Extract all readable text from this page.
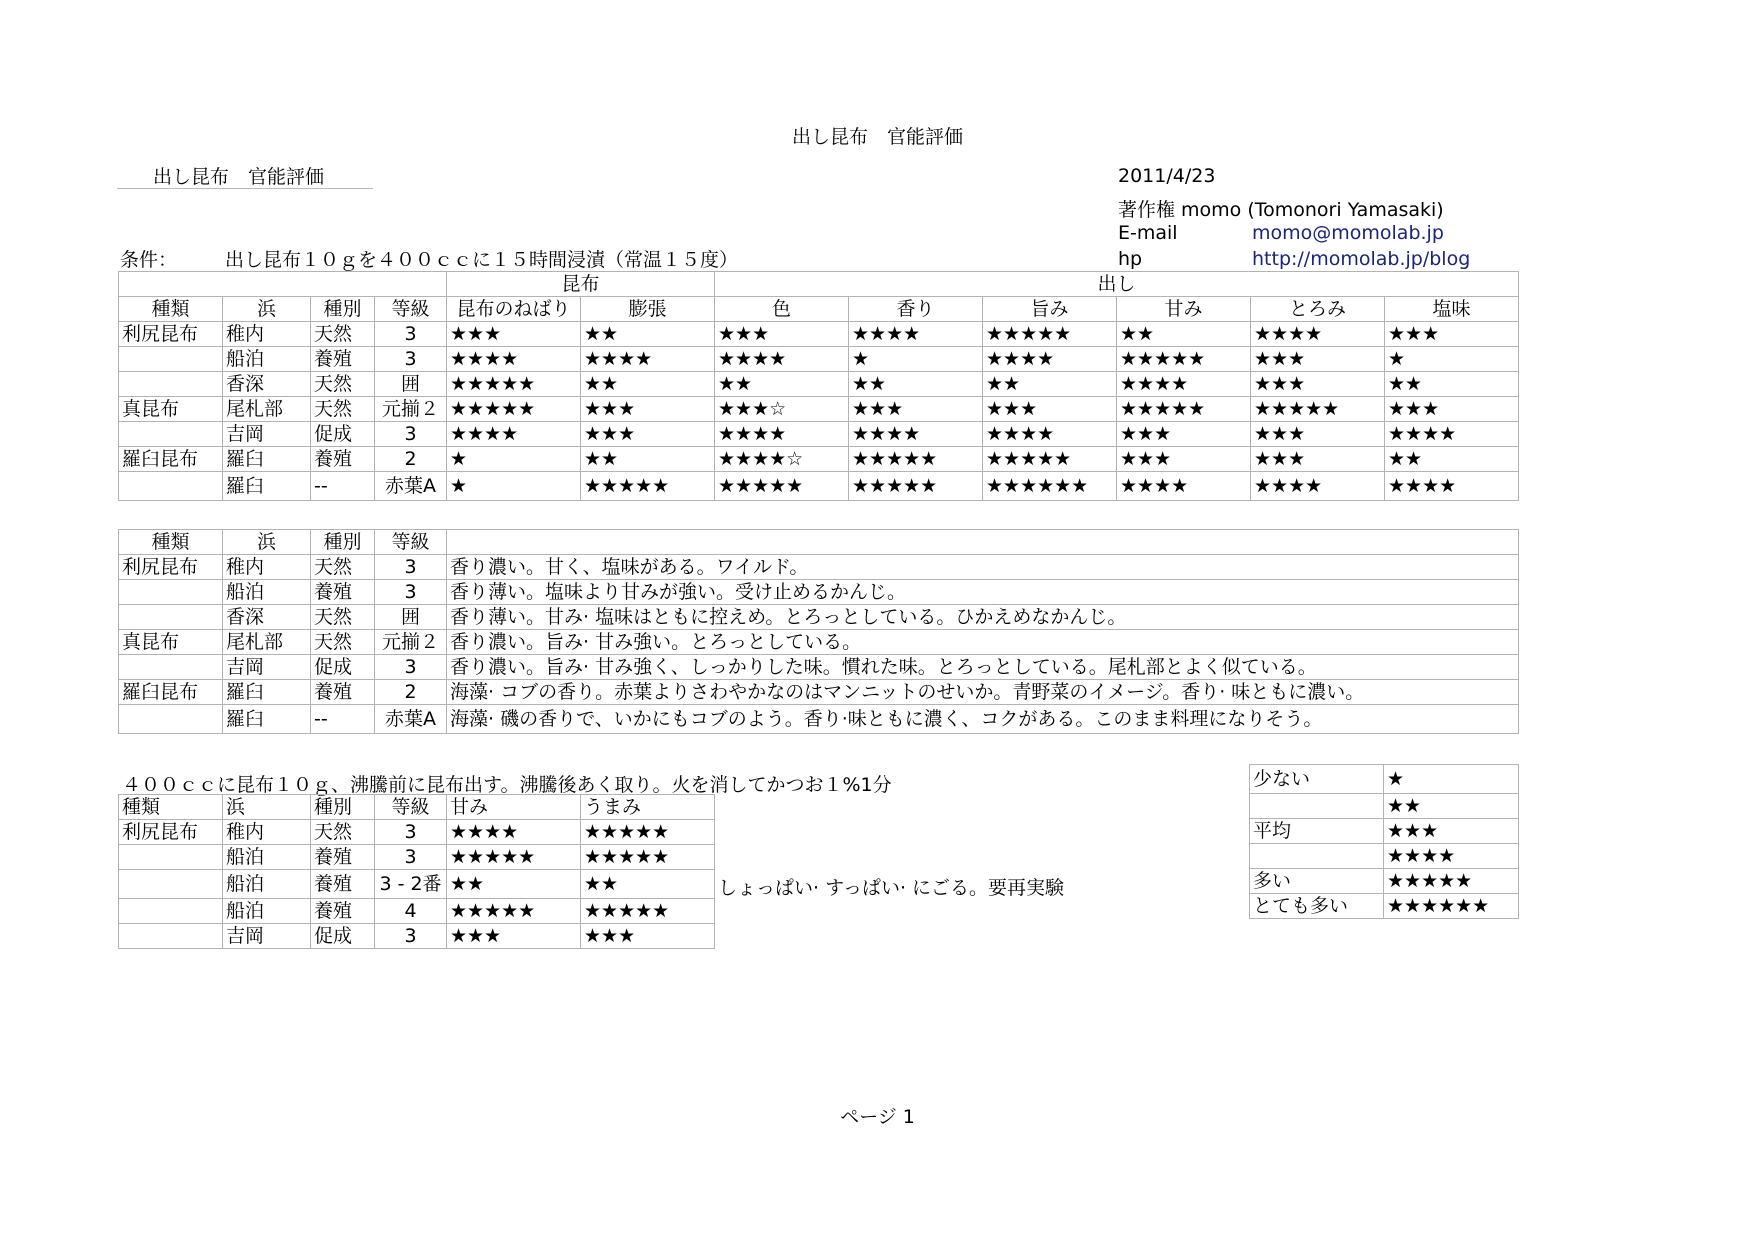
出し昆布　官能評価
出し昆布　官能評価	2011/4/23
著作権 momo (Tomonori Yamasaki)
E-mail	momo@momolab.jp
hp	http://momolab.jp/blog
条件：	出し昆布１０ｇを４００ｃｃに１５時間浸漬（常温１５度）
				昆布		出し					
種類	浜	種別	等級	昆布のねばり	膨張	色	香り	旨み	甘み	とろみ	塩味
利尻昆布	稚内	天然	3	★★★	★★	★★★	★★★★	★★★★★	★★	★★★★	★★★
	船泊	養殖	3	★★★★	★★★★	★★★★	★	★★★★	★★★★★	★★★	★
	香深	天然	囲	★★★★★	★★	★★	★★	★★	★★★★	★★★	★★
真昆布	尾札部	天然	元揃２	★★★★★	★★★	★★★☆	★★★	★★★	★★★★★	★★★★★	★★★
	吉岡	促成	3	★★★★	★★★	★★★★	★★★★	★★★★	★★★	★★★	★★★★
羅臼昆布	羅臼	養殖	2	★	★★	★★★★☆	★★★★★	★★★★★	★★★	★★★	★★
	羅臼	--	赤葉A	★	★★★★★	★★★★★	★★★★★	★★★★★★	★★★★	★★★★	★★★★
種類	浜	種別	等級	
利尻昆布	稚内	天然	3	香り濃い。甘く、塩味がある。ワイルド。
	船泊	養殖	3	香り薄い。塩味より甘みが強い。受け止めるかんじ。
	香深	天然	囲	香り薄い。甘み· 塩味はともに控えめ。とろっとしている。ひかえめなかんじ。
真昆布	尾札部	天然	元揃２	香り濃い。旨み· 甘み強い。とろっとしている。
	吉岡	促成	3	香り濃い。旨み· 甘み強く、しっかりした味。慣れた味。とろっとしている。尾札部とよく似ている。
羅臼昆布	羅臼	養殖	2	海藻· コブの香り。赤葉よりさわやかなのはマンニットのせいか。青野菜のイメージ。香り· 味ともに濃い。
	羅臼	--	赤葉A	海藻· 磯の香りで、いかにもコブのよう。香り·味ともに濃く、コクがある。このまま料理になりそう。
４００ｃｃに昆布１０ｇ、沸騰前に昆布出す。沸騰後あく取り。火を消してかつお１%1分
種類	浜	種別	等級	甘み	うまみ
利尻昆布	稚内	天然	3	★★★★	★★★★★
	船泊	養殖	3	★★★★★	★★★★★
	船泊	養殖	3 - 2番	★★	★★
	船泊	養殖	4	★★★★★	★★★★★
	吉岡	促成	3	★★★	★★★
しょっぱい· すっぱい· にごる。要再実験
少ない	★
	★★
平均	★★★
	★★★★
多い	★★★★★
とても多い	★★★★★★
ページ 1
